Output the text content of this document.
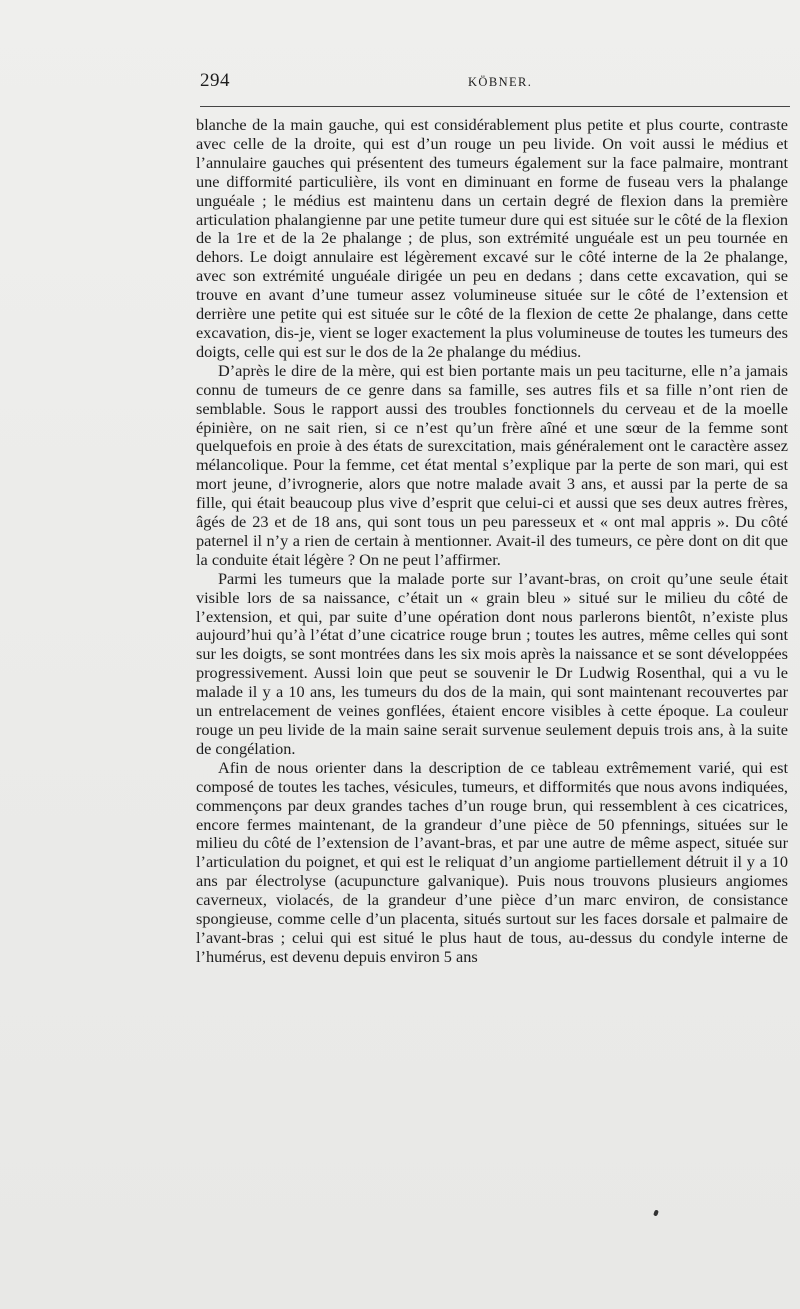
294	KÖBNER.

blanche de la main gauche, qui est considérablement plus petite et plus courte, contraste avec celle de la droite, qui est d’un rouge un peu livide. On voit aussi le médius et l’annulaire gauches qui présentent des tumeurs également sur la face palmaire, montrant une difformité particulière, ils vont en diminuant en forme de fuseau vers la phalange unguéale ; le médius est maintenu dans un certain degré de flexion dans la première articulation phalangienne par une petite tumeur dure qui est située sur le côté de la flexion de la 1re et de la 2e phalange ; de plus, son extrémité unguéale est un peu tournée en dehors. Le doigt annulaire est légèrement excavé sur le côté interne de la 2e phalange, avec son extrémité unguéale dirigée un peu en dedans ; dans cette excavation, qui se trouve en avant d’une tumeur assez volumineuse située sur le côté de l’extension et derrière une petite qui est située sur le côté de la flexion de cette 2e phalange, dans cette excavation, dis-je, vient se loger exactement la plus volumineuse de toutes les tumeurs des doigts, celle qui est sur le dos de la 2e phalange du médius.

D’après le dire de la mère, qui est bien portante mais un peu taciturne, elle n’a jamais connu de tumeurs de ce genre dans sa famille, ses autres fils et sa fille n’ont rien de semblable. Sous le rapport aussi des troubles fonctionnels du cerveau et de la moelle épinière, on ne sait rien, si ce n’est qu’un frère aîné et une sœur de la femme sont quelquefois en proie à des états de surexcitation, mais généralement ont le caractère assez mélancolique. Pour la femme, cet état mental s’explique par la perte de son mari, qui est mort jeune, d’ivrognerie, alors que notre malade avait 3 ans, et aussi par la perte de sa fille, qui était beaucoup plus vive d’esprit que celui-ci et aussi que ses deux autres frères, âgés de 23 et de 18 ans, qui sont tous un peu paresseux et « ont mal appris ». Du côté paternel il n’y a rien de certain à mentionner. Avait-il des tumeurs, ce père dont on dit que la conduite était légère ? On ne peut l’affirmer.

Parmi les tumeurs que la malade porte sur l’avant-bras, on croit qu’une seule était visible lors de sa naissance, c’était un « grain bleu » situé sur le milieu du côté de l’extension, et qui, par suite d’une opération dont nous parlerons bientôt, n’existe plus aujourd’hui qu’à l’état d’une cicatrice rouge brun ; toutes les autres, même celles qui sont sur les doigts, se sont montrées dans les six mois après la naissance et se sont développées progressivement. Aussi loin que peut se souvenir le Dr Ludwig Rosenthal, qui a vu le malade il y a 10 ans, les tumeurs du dos de la main, qui sont maintenant recouvertes par un entrelacement de veines gonflées, étaient encore visibles à cette époque. La couleur rouge un peu livide de la main saine serait survenue seulement depuis trois ans, à la suite de congélation.

Afin de nous orienter dans la description de ce tableau extrêmement varié, qui est composé de toutes les taches, vésicules, tumeurs, et difformités que nous avons indiquées, commençons par deux grandes taches d’un rouge brun, qui ressemblent à ces cicatrices, encore fermes maintenant, de la grandeur d’une pièce de 50 pfennings, situées sur le milieu du côté de l’extension de l’avant-bras, et par une autre de même aspect, située sur l’articulation du poignet, et qui est le reliquat d’un angiome partiellement détruit il y a 10 ans par électrolyse (acupuncture galvanique). Puis nous trouvons plusieurs angiomes caverneux, violacés, de la grandeur d’une pièce d’un marc environ, de consistance spongieuse, comme celle d’un placenta, situés surtout sur les faces dorsale et palmaire de l’avant-bras ; celui qui est situé le plus haut de tous, au-dessus du condyle interne de l’humérus, est devenu depuis environ 5 ans
